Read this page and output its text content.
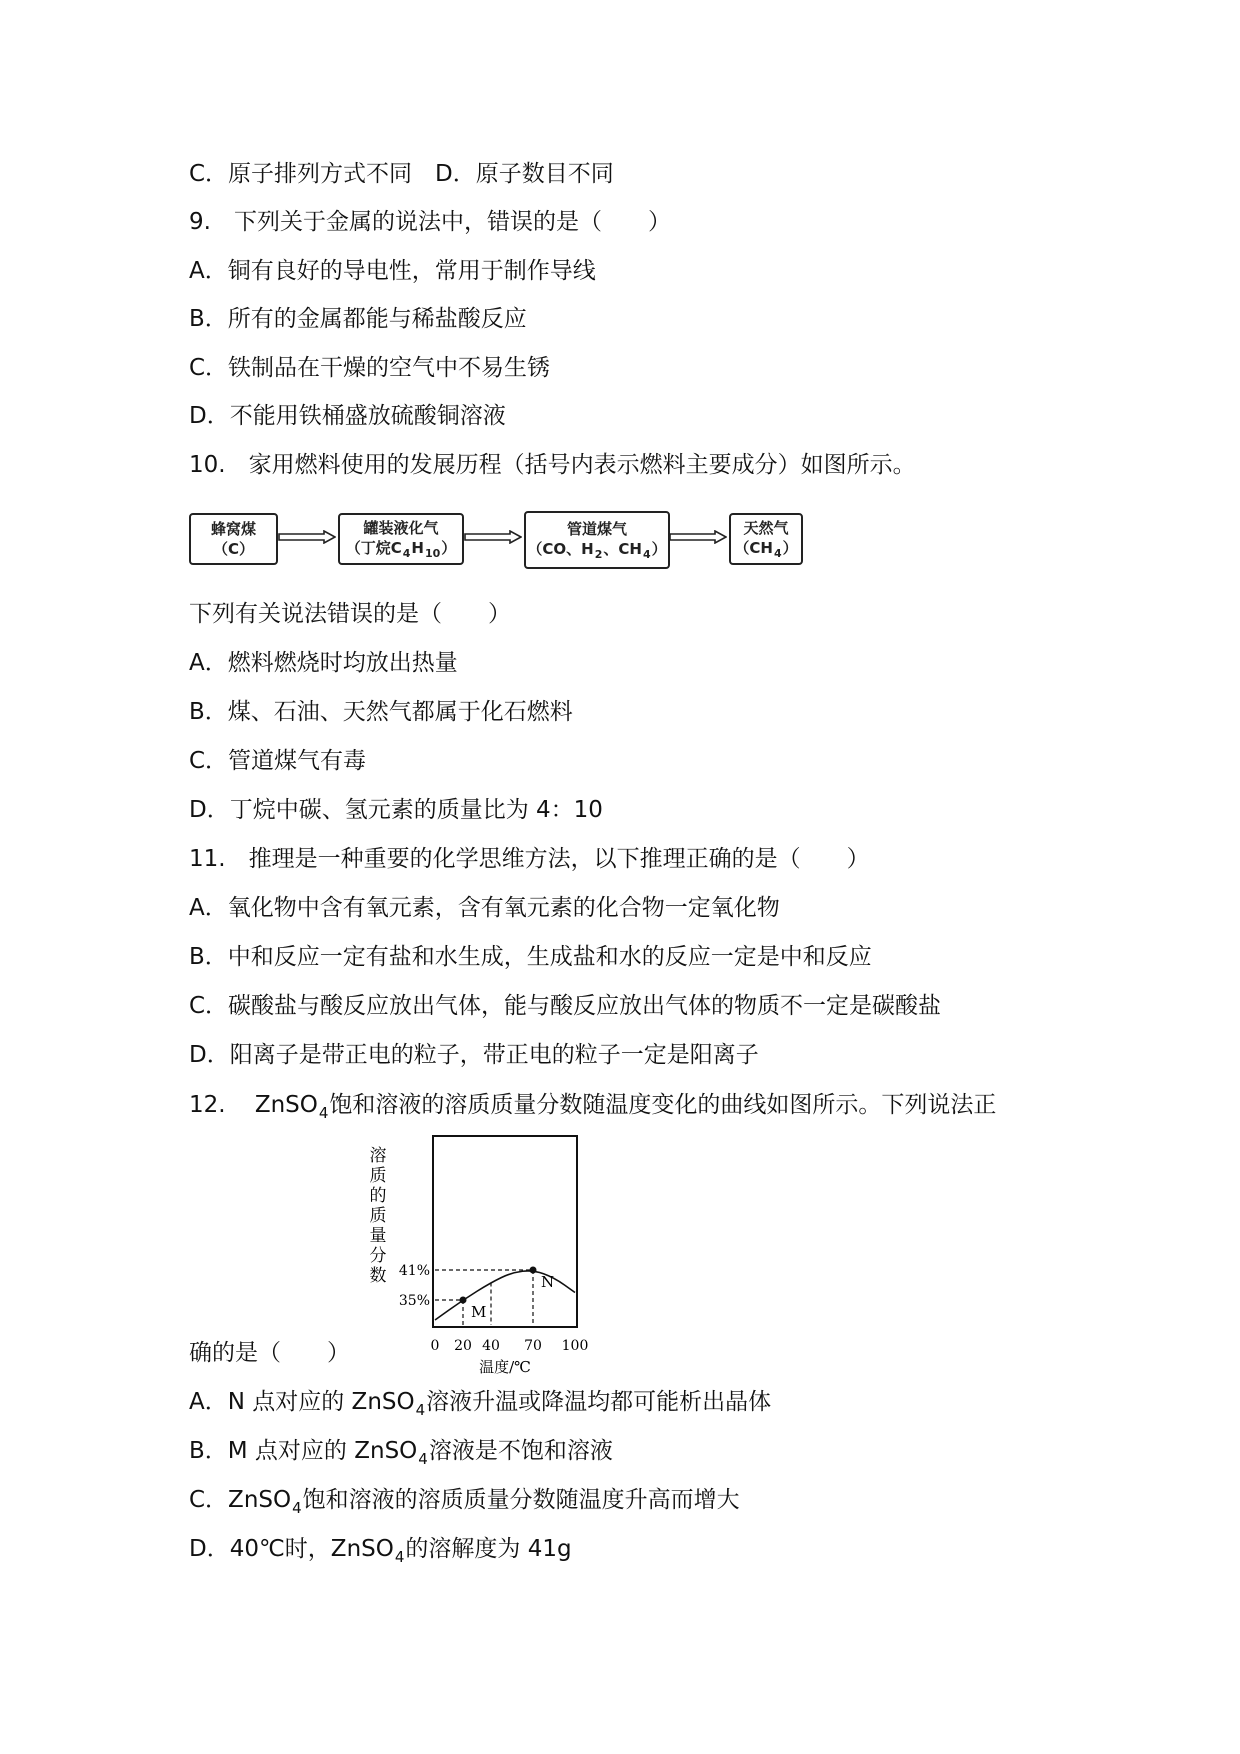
C．原子排列方式不同　D．原子数目不同
9.　下列关于金属的说法中，错误的是（　　）
A．铜有良好的导电性，常用于制作导线
B．所有的金属都能与稀盐酸反应
C．铁制品在干燥的空气中不易生锈
D．不能用铁桶盛放硫酸铜溶液
10.　家用燃料使用的发展历程（括号内表示燃料主要成分）如图所示。
蜂窝煤
（C）
罐装液化气
（丁烷$C_4H_{10}$）
管道煤气
（CO、$H_2$、$CH_4$）
天然气
$(CH_4)$
下列有关说法错误的是（　　）
A．燃料燃烧时均放出热量
B．煤、石油、天然气都属于化石燃料
C．管道煤气有毒
D．丁烷中碳、氢元素的质量比为 4：10
11.　推理是一种重要的化学思维方法，以下推理正确的是（　　）
A．氧化物中含有氧元素，含有氧元素的化合物一定氧化物
B．中和反应一定有盐和水生成，生成盐和水的反应一定是中和反应
C．碳酸盐与酸反应放出气体，能与酸反应放出气体的物质不一定是碳酸盐
D．阳离子是带正电的粒子，带正电的粒子一定是阳离子
12. ZnSO$_4$饱和溶液的溶质质量分数随温度变化的曲线如图所示。下列说法正
溶
质
的
质
量
分
数
M
N
35%
41%
0 20 40 70 100
温度/℃
确的是（　　）
A．N 点对应的 ZnSO$_4$溶液升温或降温均都可能析出晶体
B．M 点对应的 ZnSO$_4$溶液是不饱和溶液
C．ZnSO$_4$饱和溶液的溶质质量分数随温度升高而增大
D．40℃时，ZnSO$_4$的溶解度为 41g
